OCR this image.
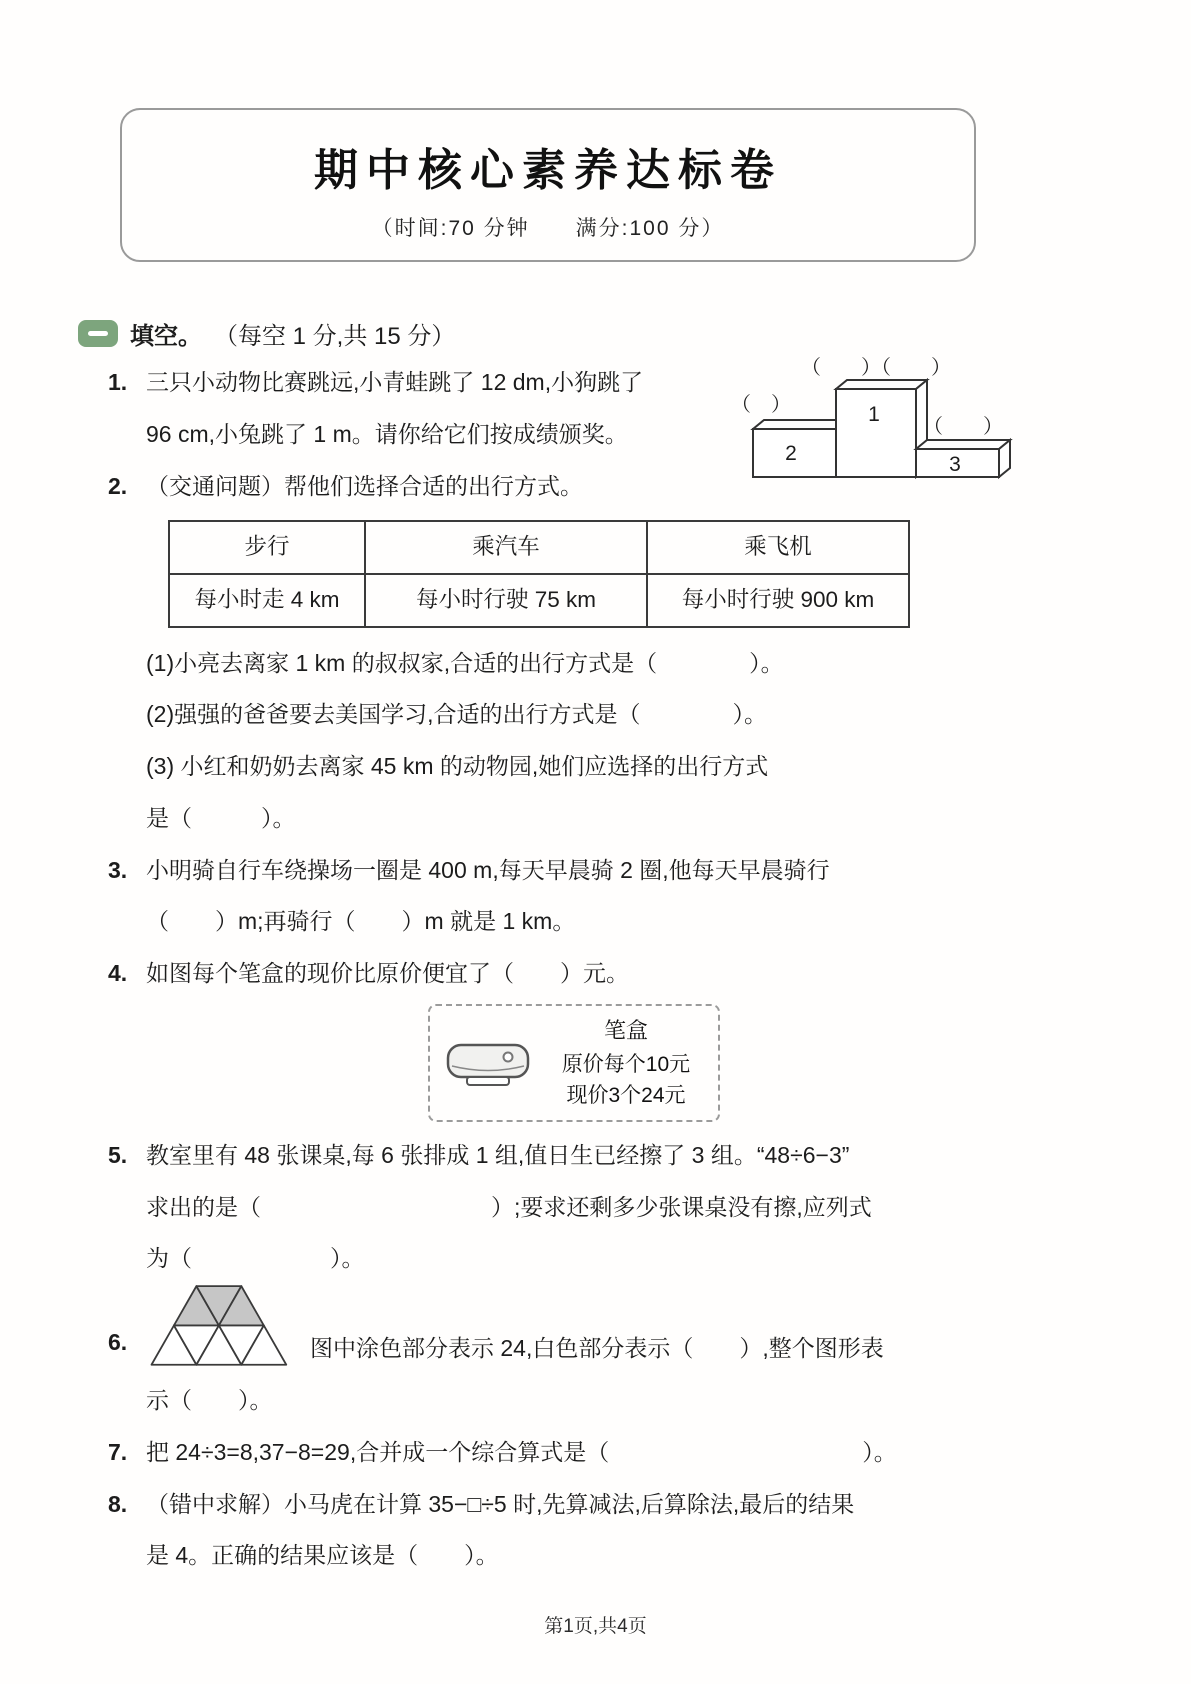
期中核心素养达标卷
（时间:70 分钟　　满分:100 分）
填空。 （每空 1 分,共 15 分）
1. 三只小动物比赛跳远,小青蛙跳了 12 dm,小狗跳了
96 cm,小兔跳了 1 m。请你给它们按成绩颁奖。
（　　）（　　）
（　）
（　　）
1
2	3
2. （交通问题）帮他们选择合适的出行方式。
步行	乘汽车	乘飞机
每小时走 4 km	每小时行驶 75 km	每小时行驶 900 km
(1)小亮去离家 1 km 的叔叔家,合适的出行方式是（　　　　）。
(2)强强的爸爸要去美国学习,合适的出行方式是（　　　　）。
(3) 小红和奶奶去离家 45 km 的动物园,她们应选择的出行方式
是（　　　）。
3. 小明骑自行车绕操场一圈是 400 m,每天早晨骑 2 圈,他每天早晨骑行
（　　）m;再骑行（　　）m 就是 1 km。
4. 如图每个笔盒的现价比原价便宜了（　　）元。
笔盒
原价每个10元
现价3个24元
5. 教室里有 48 张课桌,每 6 张排成 1 组,值日生已经擦了 3 组。“48÷6−3”
求出的是（　　　　　　　　　　）;要求还剩多少张课桌没有擦,应列式
为（　　　　　　）。
6.	图中涂色部分表示 24,白色部分表示（　　）,整个图形表
示（　　）。
7. 把 24÷3=8,37−8=29,合并成一个综合算式是（　　　　　　　　　　　）。
8. （错中求解）小马虎在计算 35−□÷5 时,先算减法,后算除法,最后的结果
是 4。正确的结果应该是（　　）。
第1页,共4页
